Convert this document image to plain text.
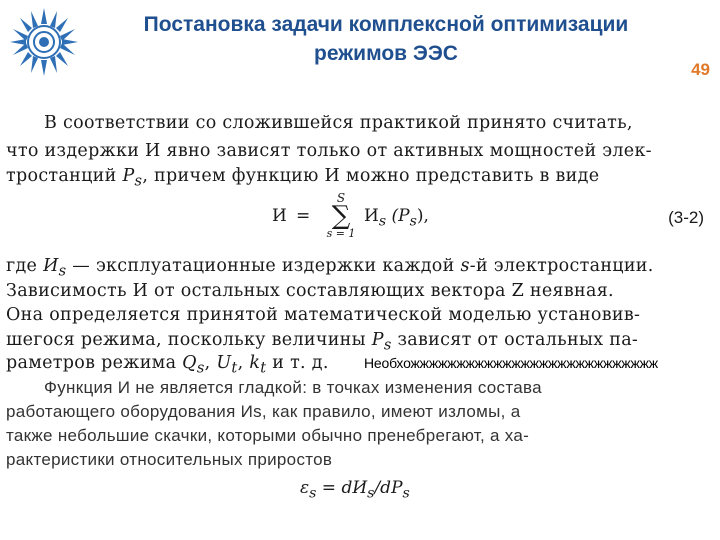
Постановка задачи комплексной оптимизации
режимов ЭЭС
49
В соответствии со сложившейся практикой принято считать,
что издержки И явно зависят только от активных мощностей элек-
тростанций $P_s$, причем функцию И можно представить в виде
И =
S
∑
s = 1
$И_s$ $(P_s)$,	(3-2)
где $И_s$ — эксплуатационные издержки каждой s-й электростанции.
Зависимость И от остальных составляющих вектора Z неявная.
Она определяется принятой математической моделью установив-
шегося режима, поскольку величины $P_s$ зависят от остальных па-
раметров режима $Q_s$, $U_t$, $k_t$ и т. д.	Необхожжжжжжжжжжжжжжжжжжжжжжжжжжж
Функция И не является гладкой: в точках изменения состава
работающего оборудования Иs, как правило, имеют изломы, а
также небольшие скачки, которыми обычно пренебрегают, а ха-
рактеристики относительных приростов
$\varepsilon_s = dИ_s/dP_s$
